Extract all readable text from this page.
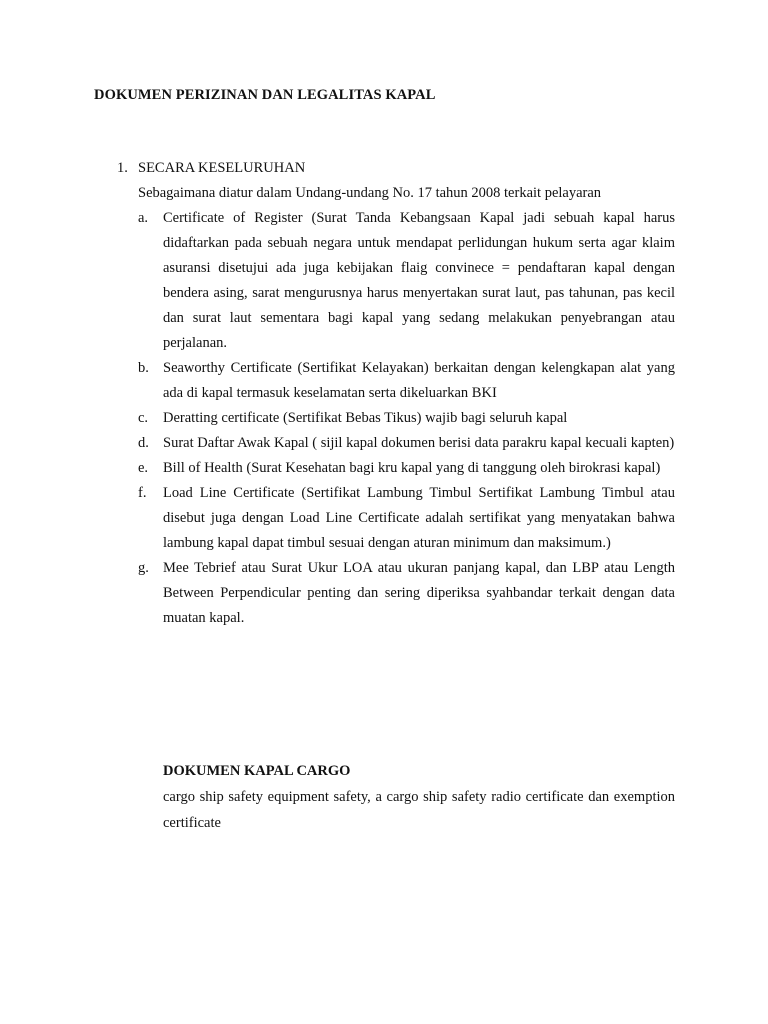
DOKUMEN PERIZINAN DAN LEGALITAS KAPAL
1. SECARA KESELURUHAN
Sebagaimana diatur dalam Undang-undang No. 17 tahun 2008 terkait pelayaran
a. Certificate of Register (Surat Tanda Kebangsaan Kapal jadi sebuah kapal harus didaftarkan pada sebuah negara untuk mendapat perlidungan hukum serta agar klaim asuransi disetujui ada juga kebijakan flaig convinece = pendaftaran kapal dengan bendera asing, sarat mengurusnya harus menyertakan surat laut, pas tahunan, pas kecil dan surat laut sementara bagi kapal yang sedang melakukan penyebrangan atau perjalanan.
b. Seaworthy Certificate (Sertifikat Kelayakan) berkaitan dengan kelengkapan alat yang ada di kapal termasuk keselamatan serta dikeluarkan BKI
c. Deratting certificate (Sertifikat Bebas Tikus) wajib bagi seluruh kapal
d. Surat Daftar Awak Kapal ( sijil kapal dokumen berisi data parakru kapal kecuali kapten)
e. Bill of Health (Surat Kesehatan bagi kru kapal yang di tanggung oleh birokrasi kapal)
f. Load Line Certificate (Sertifikat Lambung Timbul Sertifikat Lambung Timbul atau disebut juga dengan Load Line Certificate adalah sertifikat yang menyatakan bahwa lambung kapal dapat timbul sesuai dengan aturan minimum dan maksimum.)
g. Mee Tebrief atau Surat Ukur LOA atau ukuran panjang kapal, dan LBP atau Length Between Perpendicular penting dan sering diperiksa syahbandar terkait dengan data muatan kapal.
DOKUMEN KAPAL CARGO
cargo ship safety equipment safety, a cargo ship safety radio certificate dan exemption certificate
